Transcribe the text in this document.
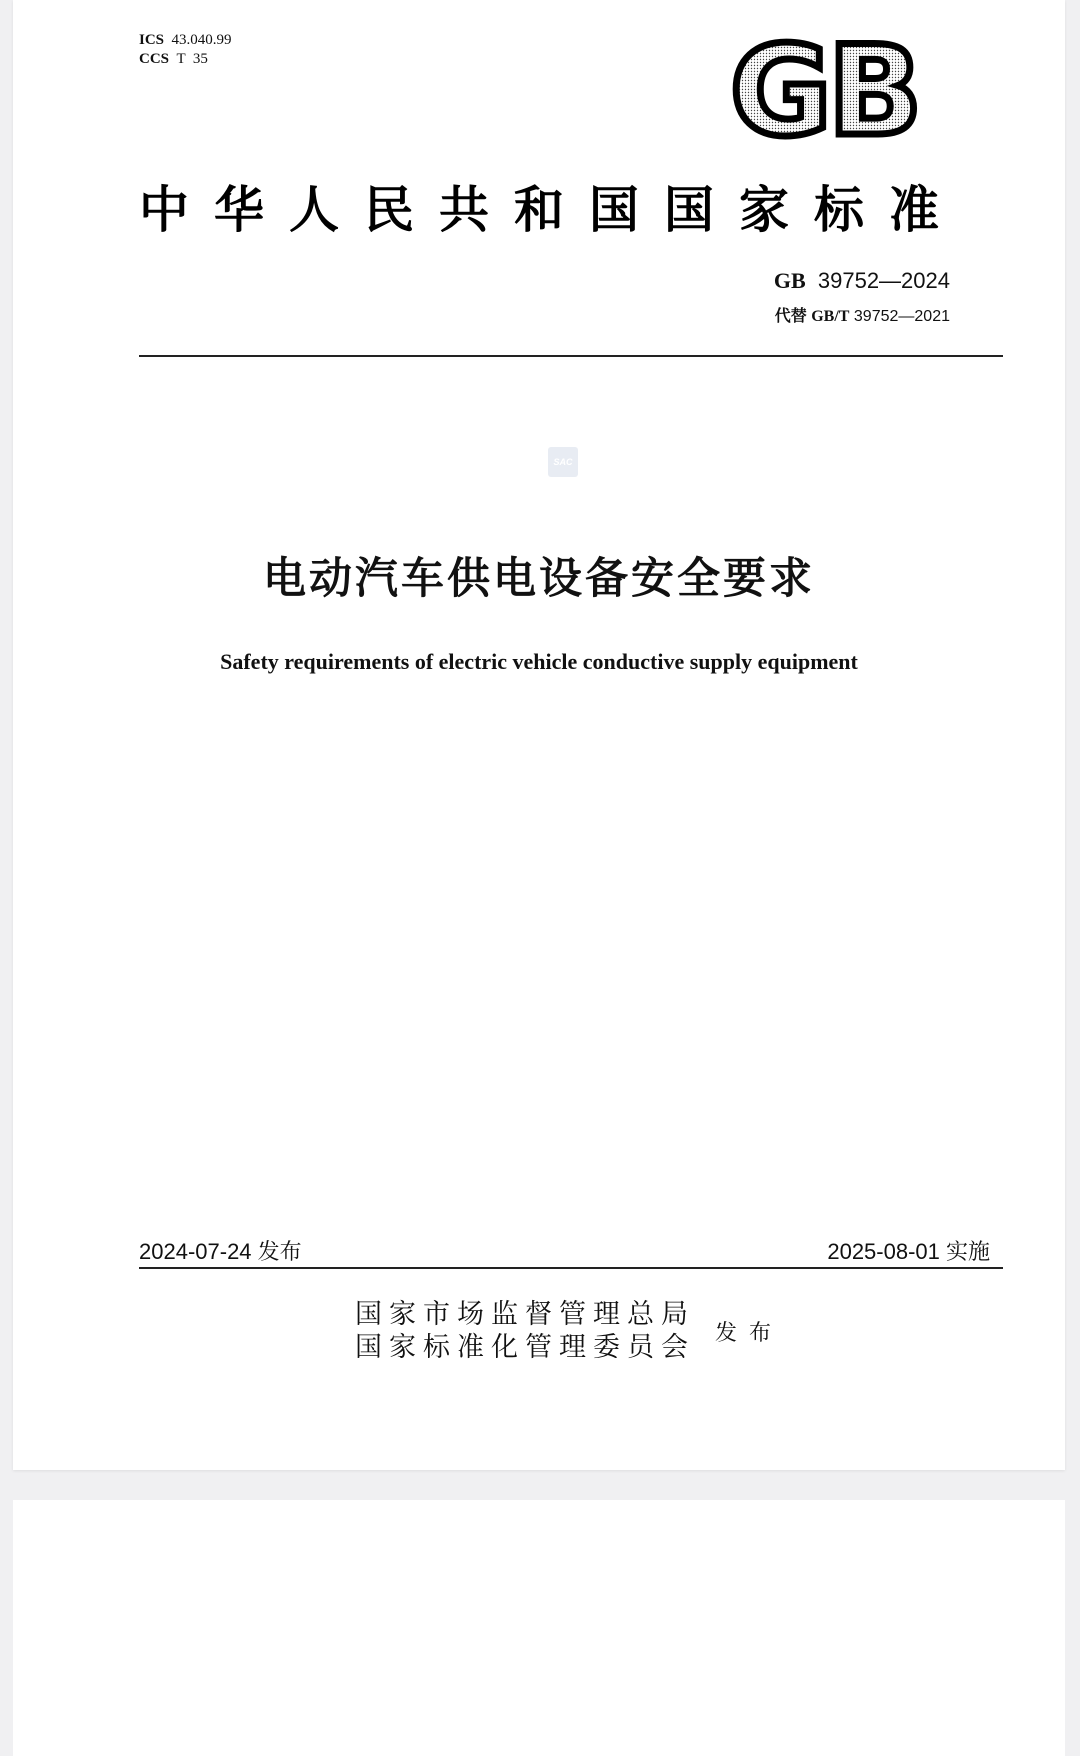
ICS 43.040.99
CCS T  35	GB
中华人民共和国国家标准
GB 39752—2024
代替 GB/T 39752—2021
SAC
电动汽车供电设备安全要求
Safety requirements of electric vehicle conductive supply equipment
2024-07-24 发布	2025-08-01 实施
国家市场监督管理总局
国家标准化管理委员会 发布
